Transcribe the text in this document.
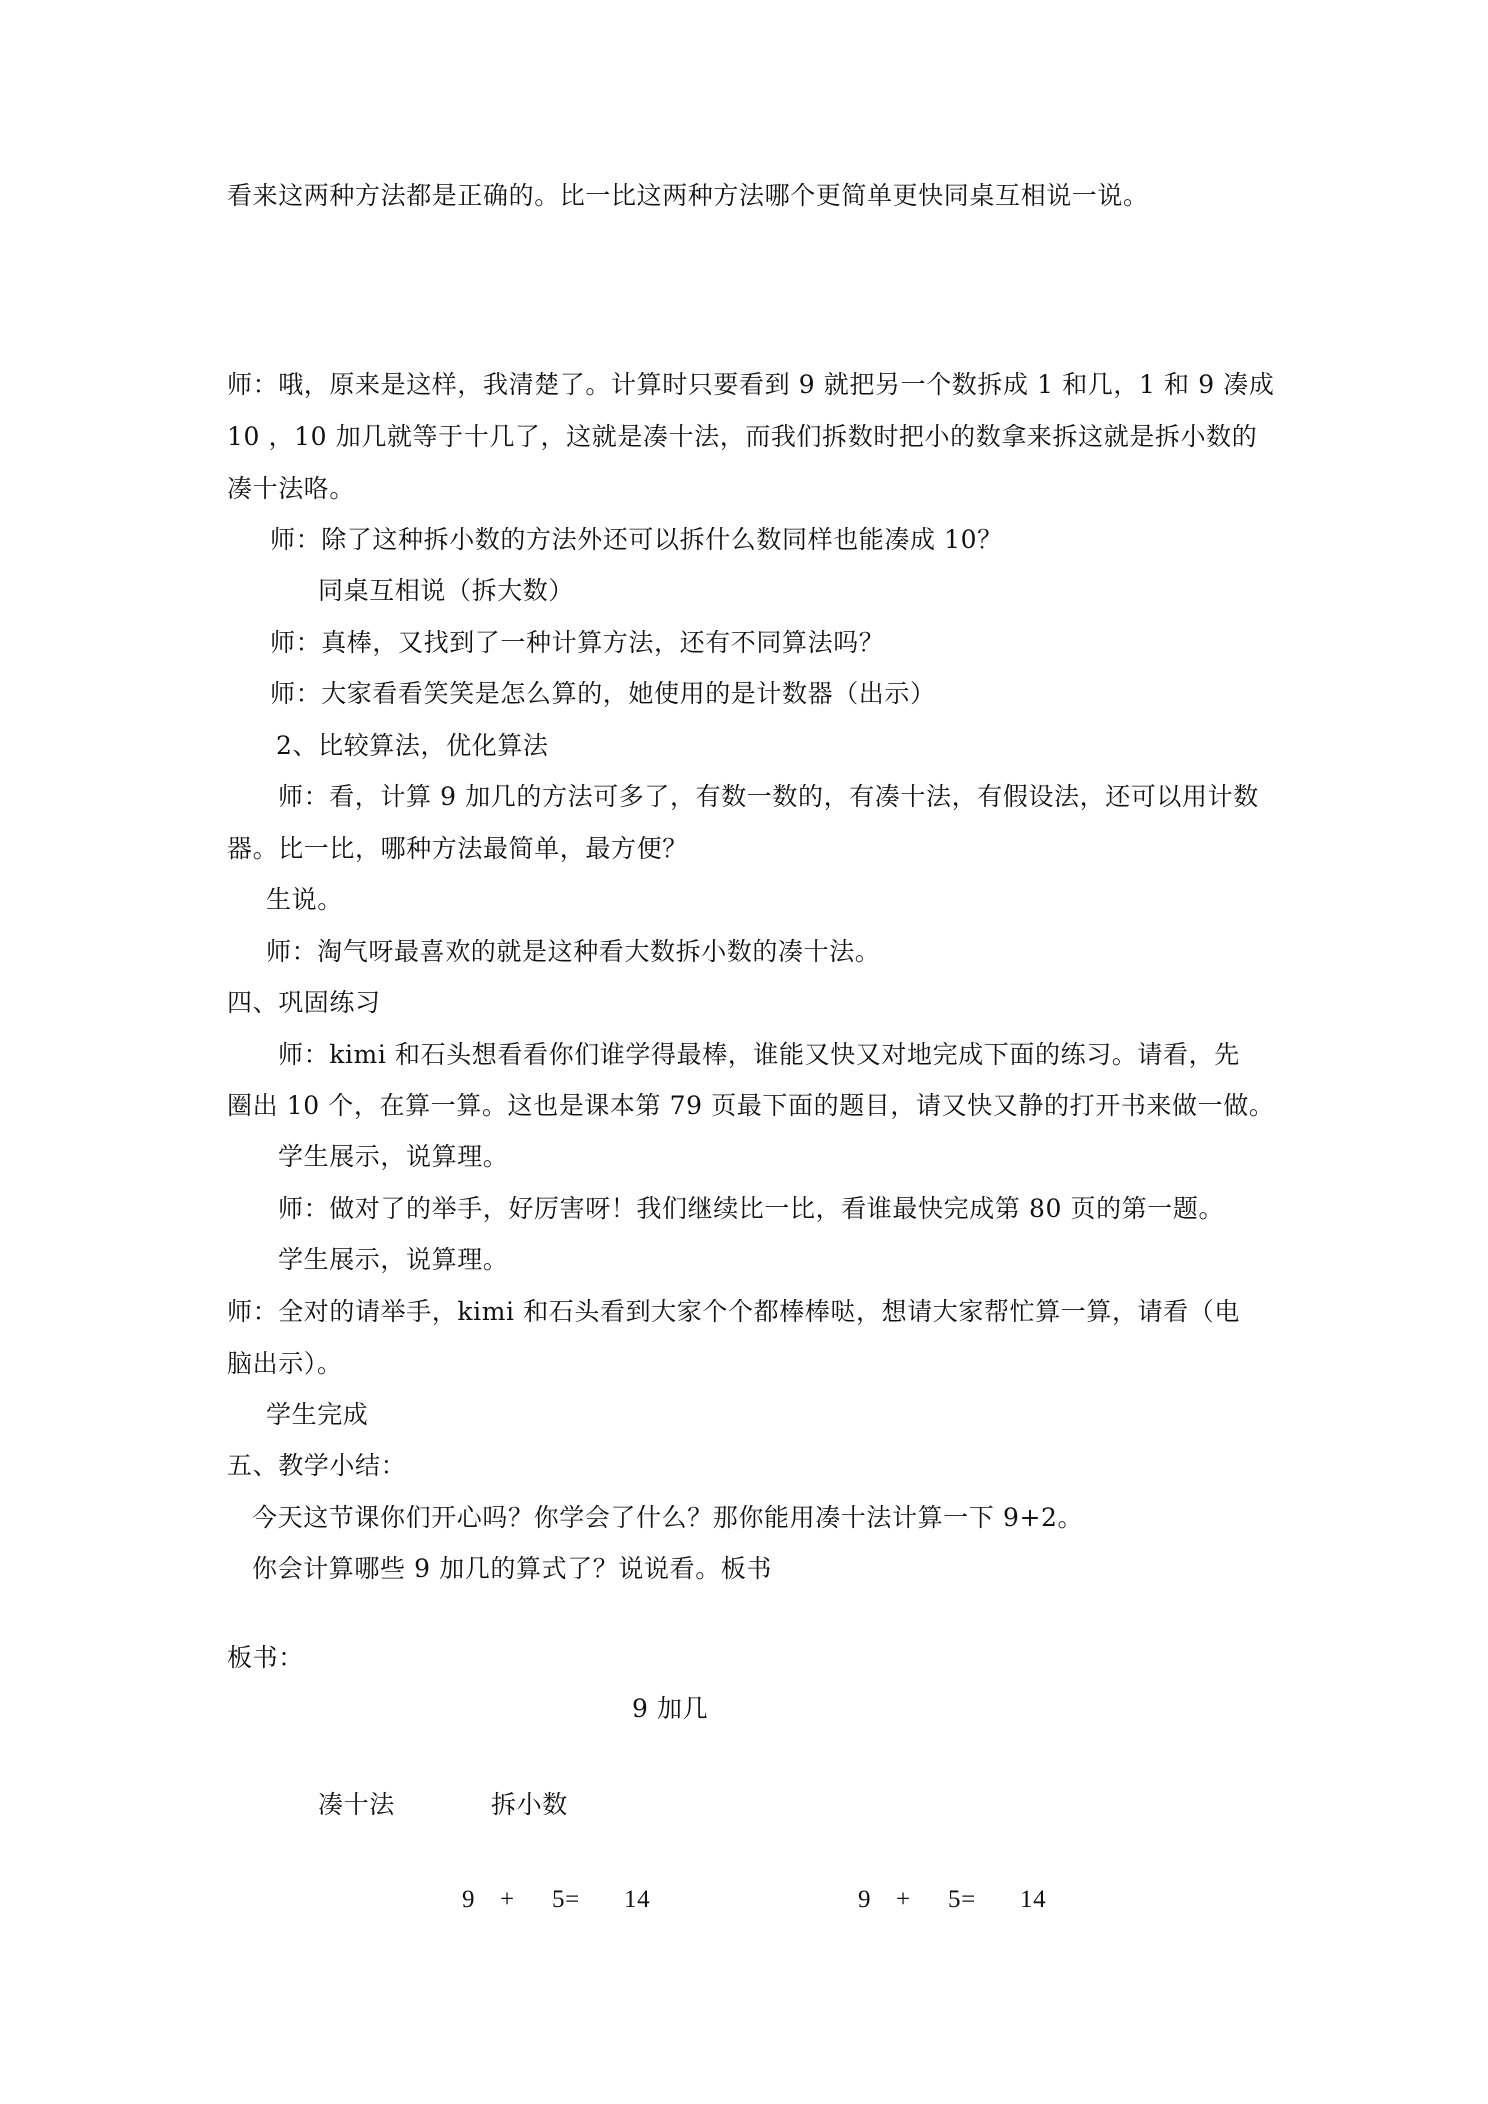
看来这两种方法都是正确的。比一比这两种方法哪个更简单更快同桌互相说一说。
师：哦，原来是这样，我清楚了。计算时只要看到 9 就把另一个数拆成 1 和几，1 和 9 凑成
10 ，10 加几就等于十几了，这就是凑十法，而我们拆数时把小的数拿来拆这就是拆小数的
凑十法咯。
师：除了这种拆小数的方法外还可以拆什么数同样也能凑成 10？
同桌互相说（拆大数）
师：真棒，又找到了一种计算方法，还有不同算法吗？
师：大家看看笑笑是怎么算的，她使用的是计数器（出示）
2、比较算法，优化算法
师：看，计算 9 加几的方法可多了，有数一数的，有凑十法，有假设法，还可以用计数
器。比一比，哪种方法最简单，最方便？
生说。
师：淘气呀最喜欢的就是这种看大数拆小数的凑十法。
四、巩固练习
师：kimi 和石头想看看你们谁学得最棒，谁能又快又对地完成下面的练习。请看，先
圈出 10 个，在算一算。这也是课本第 79 页最下面的题目，请又快又静的打开书来做一做。
学生展示，说算理。
师：做对了的举手，好厉害呀！我们继续比一比，看谁最快完成第 80 页的第一题。
学生展示，说算理。
师：全对的请举手，kimi 和石头看到大家个个都棒棒哒，想请大家帮忙算一算，请看（电
脑出示）。
学生完成
五、教学小结：
今天这节课你们开心吗？你学会了什么？那你能用凑十法计算一下 9+2。
你会计算哪些 9 加几的算式了？说说看。板书
板书：
9 加几
凑十法	拆小数
9 + 5= 14	9 + 5= 14
